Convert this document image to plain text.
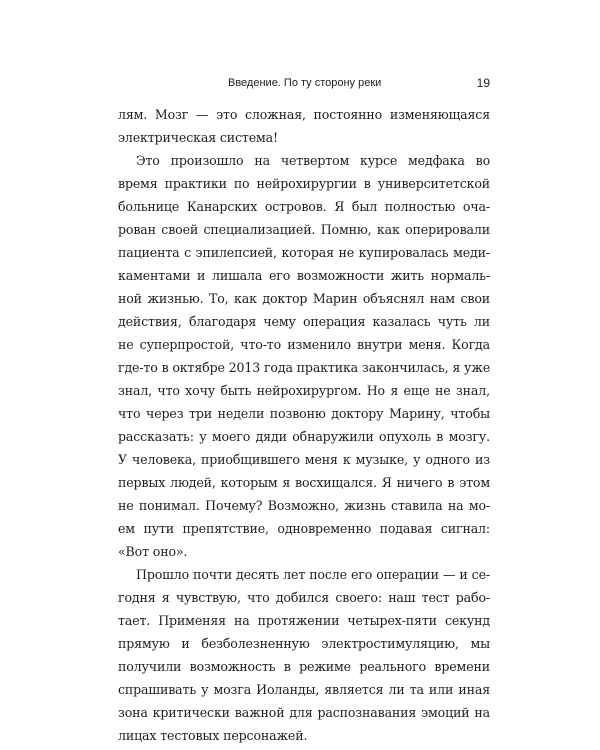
Введение. По ту сторону реки	19
лям. Мозг — это сложная, постоянно изменяющаяся
электрическая система!
Это произошло на четвертом курсе медфака во
время практики по нейрохирургии в университетской
больнице Канарских островов. Я был полностью оча-
рован своей специализацией. Помню, как оперировали
пациента с эпилепсией, которая не купировалась меди-
каментами и лишала его возможности жить нормаль-
ной жизнью. То, как доктор Марин объяснял нам свои
действия, благодаря чему операция казалась чуть ли
не суперпростой, что-то изменило внутри меня. Когда
где-то в октябре 2013 года практика закончилась, я уже
знал, что хочу быть нейрохирургом. Но я еще не знал,
что через три недели позвоню доктору Марину, чтобы
рассказать: у моего дяди обнаружили опухоль в мозгу.
У человека, приобщившего меня к музыке, у одного из
первых людей, которым я восхищался. Я ничего в этом
не понимал. Почему? Возможно, жизнь ставила на мо-
ем пути препятствие, одновременно подавая сигнал:
«Вот оно».
Прошло почти десять лет после его операции — и се-
годня я чувствую, что добился своего: наш тест рабо-
тает. Применяя на протяжении четырех-пяти секунд
прямую и безболезненную электростимуляцию, мы
получили возможность в режиме реального времени
спрашивать у мозга Иоланды, является ли та или иная
зона критически важной для распознавания эмоций на
лицах тестовых персонажей.
